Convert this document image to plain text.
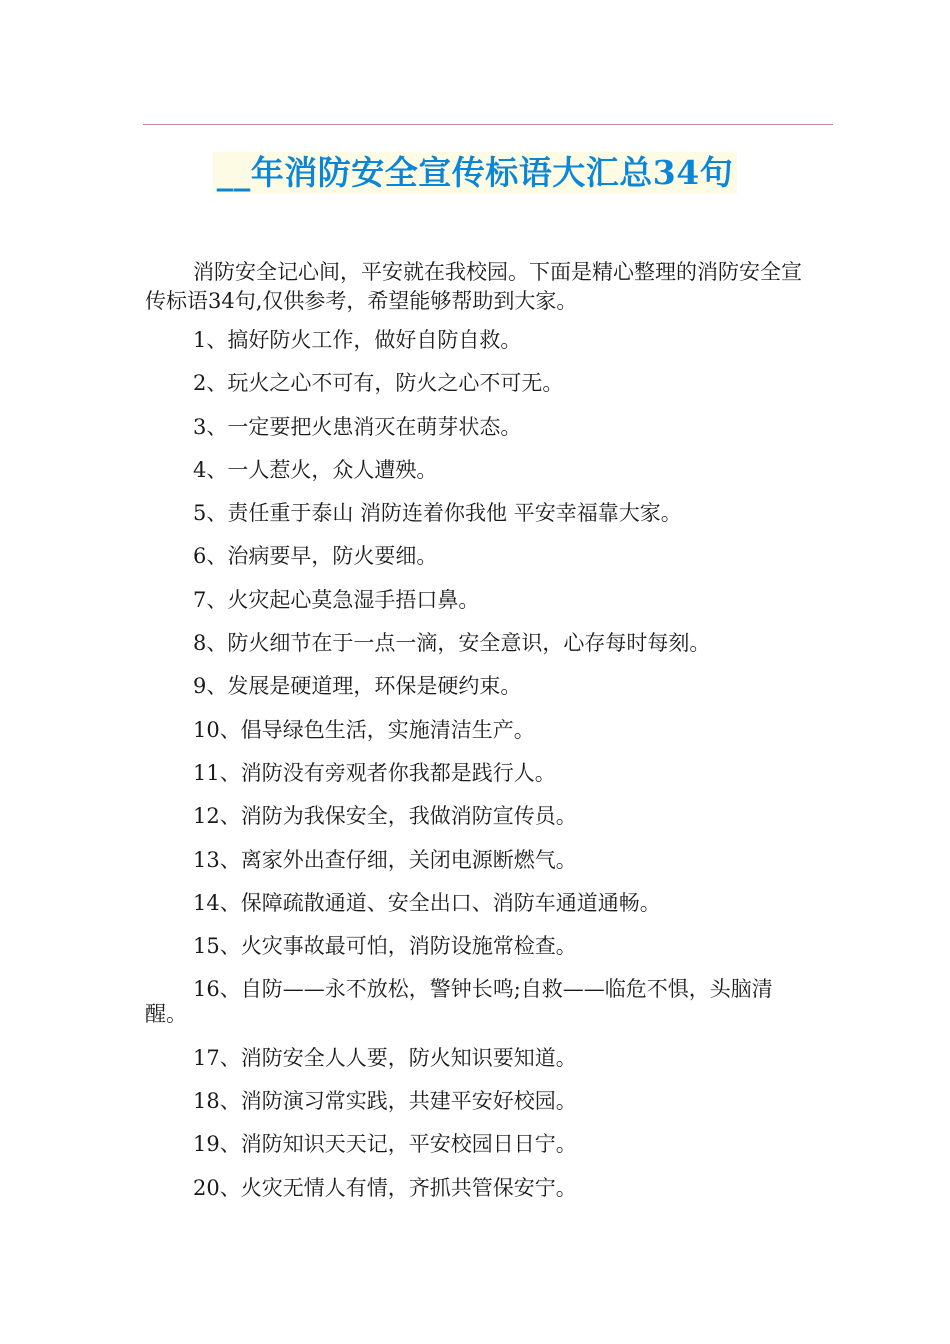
__年消防安全宣传标语大汇总34句

消防安全记心间，平安就在我校园。下面是精心整理的消防安全宣传标语34句,仅供参考，希望能够帮助到大家。

1、搞好防火工作，做好自防自救。

2、玩火之心不可有，防火之心不可无。

3、一定要把火患消灭在萌芽状态。

4、一人惹火，众人遭殃。

5、责任重于泰山 消防连着你我他 平安幸福靠大家。

6、治病要早，防火要细。

7、火灾起心莫急湿手捂口鼻。

8、防火细节在于一点一滴，安全意识，心存每时每刻。

9、发展是硬道理，环保是硬约束。

10、倡导绿色生活，实施清洁生产。

11、消防没有旁观者你我都是践行人。

12、消防为我保安全，我做消防宣传员。

13、离家外出查仔细，关闭电源断燃气。

14、保障疏散通道、安全出口、消防车通道通畅。

15、火灾事故最可怕，消防设施常检查。

16、自防——永不放松，警钟长鸣;自救——临危不惧，头脑清醒。

17、消防安全人人要，防火知识要知道。

18、消防演习常实践，共建平安好校园。

19、消防知识天天记，平安校园日日宁。

20、火灾无情人有情，齐抓共管保安宁。
